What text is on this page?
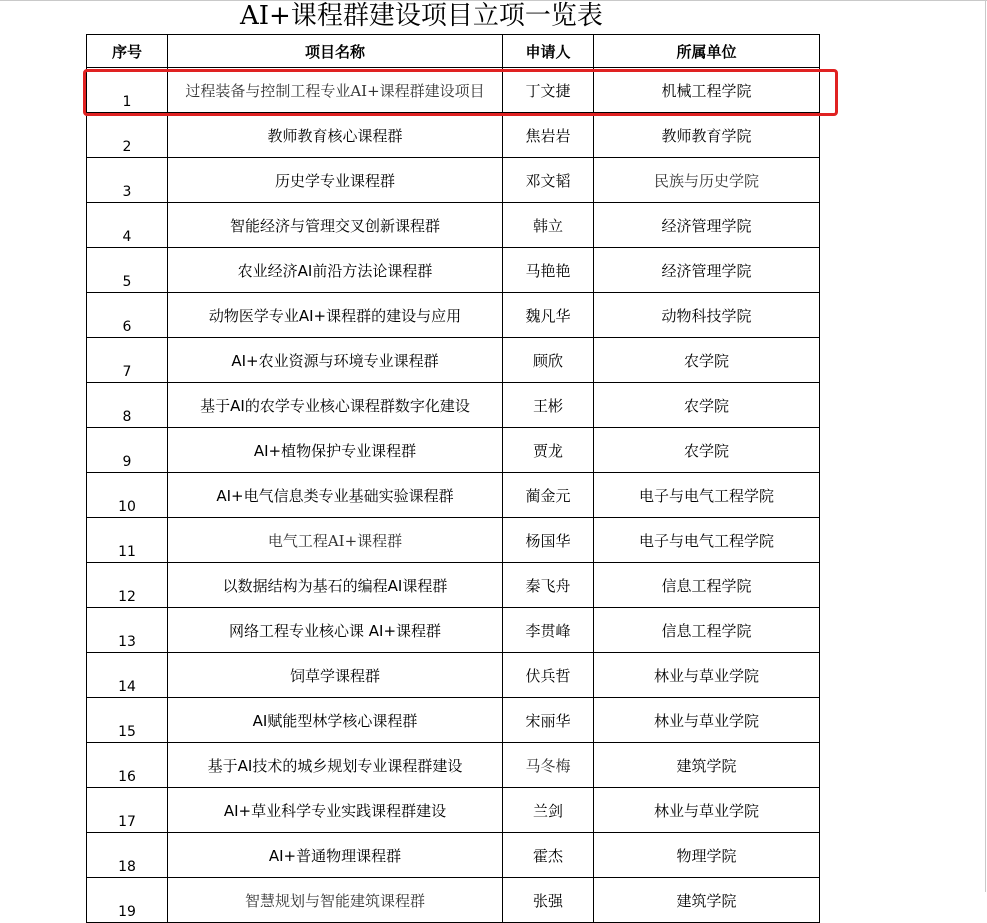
AI+课程群建设项目立项一览表
序号	项目名称	申请人	所属单位
1	过程装备与控制工程专业AI+课程群建设项目	丁文捷	机械工程学院
2	教师教育核心课程群	焦岩岩	教师教育学院
3	历史学专业课程群	邓文韬	民族与历史学院
4	智能经济与管理交叉创新课程群	韩立	经济管理学院
5	农业经济AI前沿方法论课程群	马艳艳	经济管理学院
6	动物医学专业AI+课程群的建设与应用	魏凡华	动物科技学院
7	AI+农业资源与环境专业课程群	顾欣	农学院
8	基于AI的农学专业核心课程群数字化建设	王彬	农学院
9	AI+植物保护专业课程群	贾龙	农学院
10	AI+电气信息类专业基础实验课程群	蔺金元	电子与电气工程学院
11	电气工程AI+课程群	杨国华	电子与电气工程学院
12	以数据结构为基石的编程AI课程群	秦飞舟	信息工程学院
13	网络工程专业核心课 AI+课程群	李贯峰	信息工程学院
14	饲草学课程群	伏兵哲	林业与草业学院
15	AI赋能型林学核心课程群	宋丽华	林业与草业学院
16	基于AI技术的城乡规划专业课程群建设	马冬梅	建筑学院
17	AI+草业科学专业实践课程群建设	兰剑	林业与草业学院
18	AI+普通物理课程群	霍杰	物理学院
19	智慧规划与智能建筑课程群	张强	建筑学院
